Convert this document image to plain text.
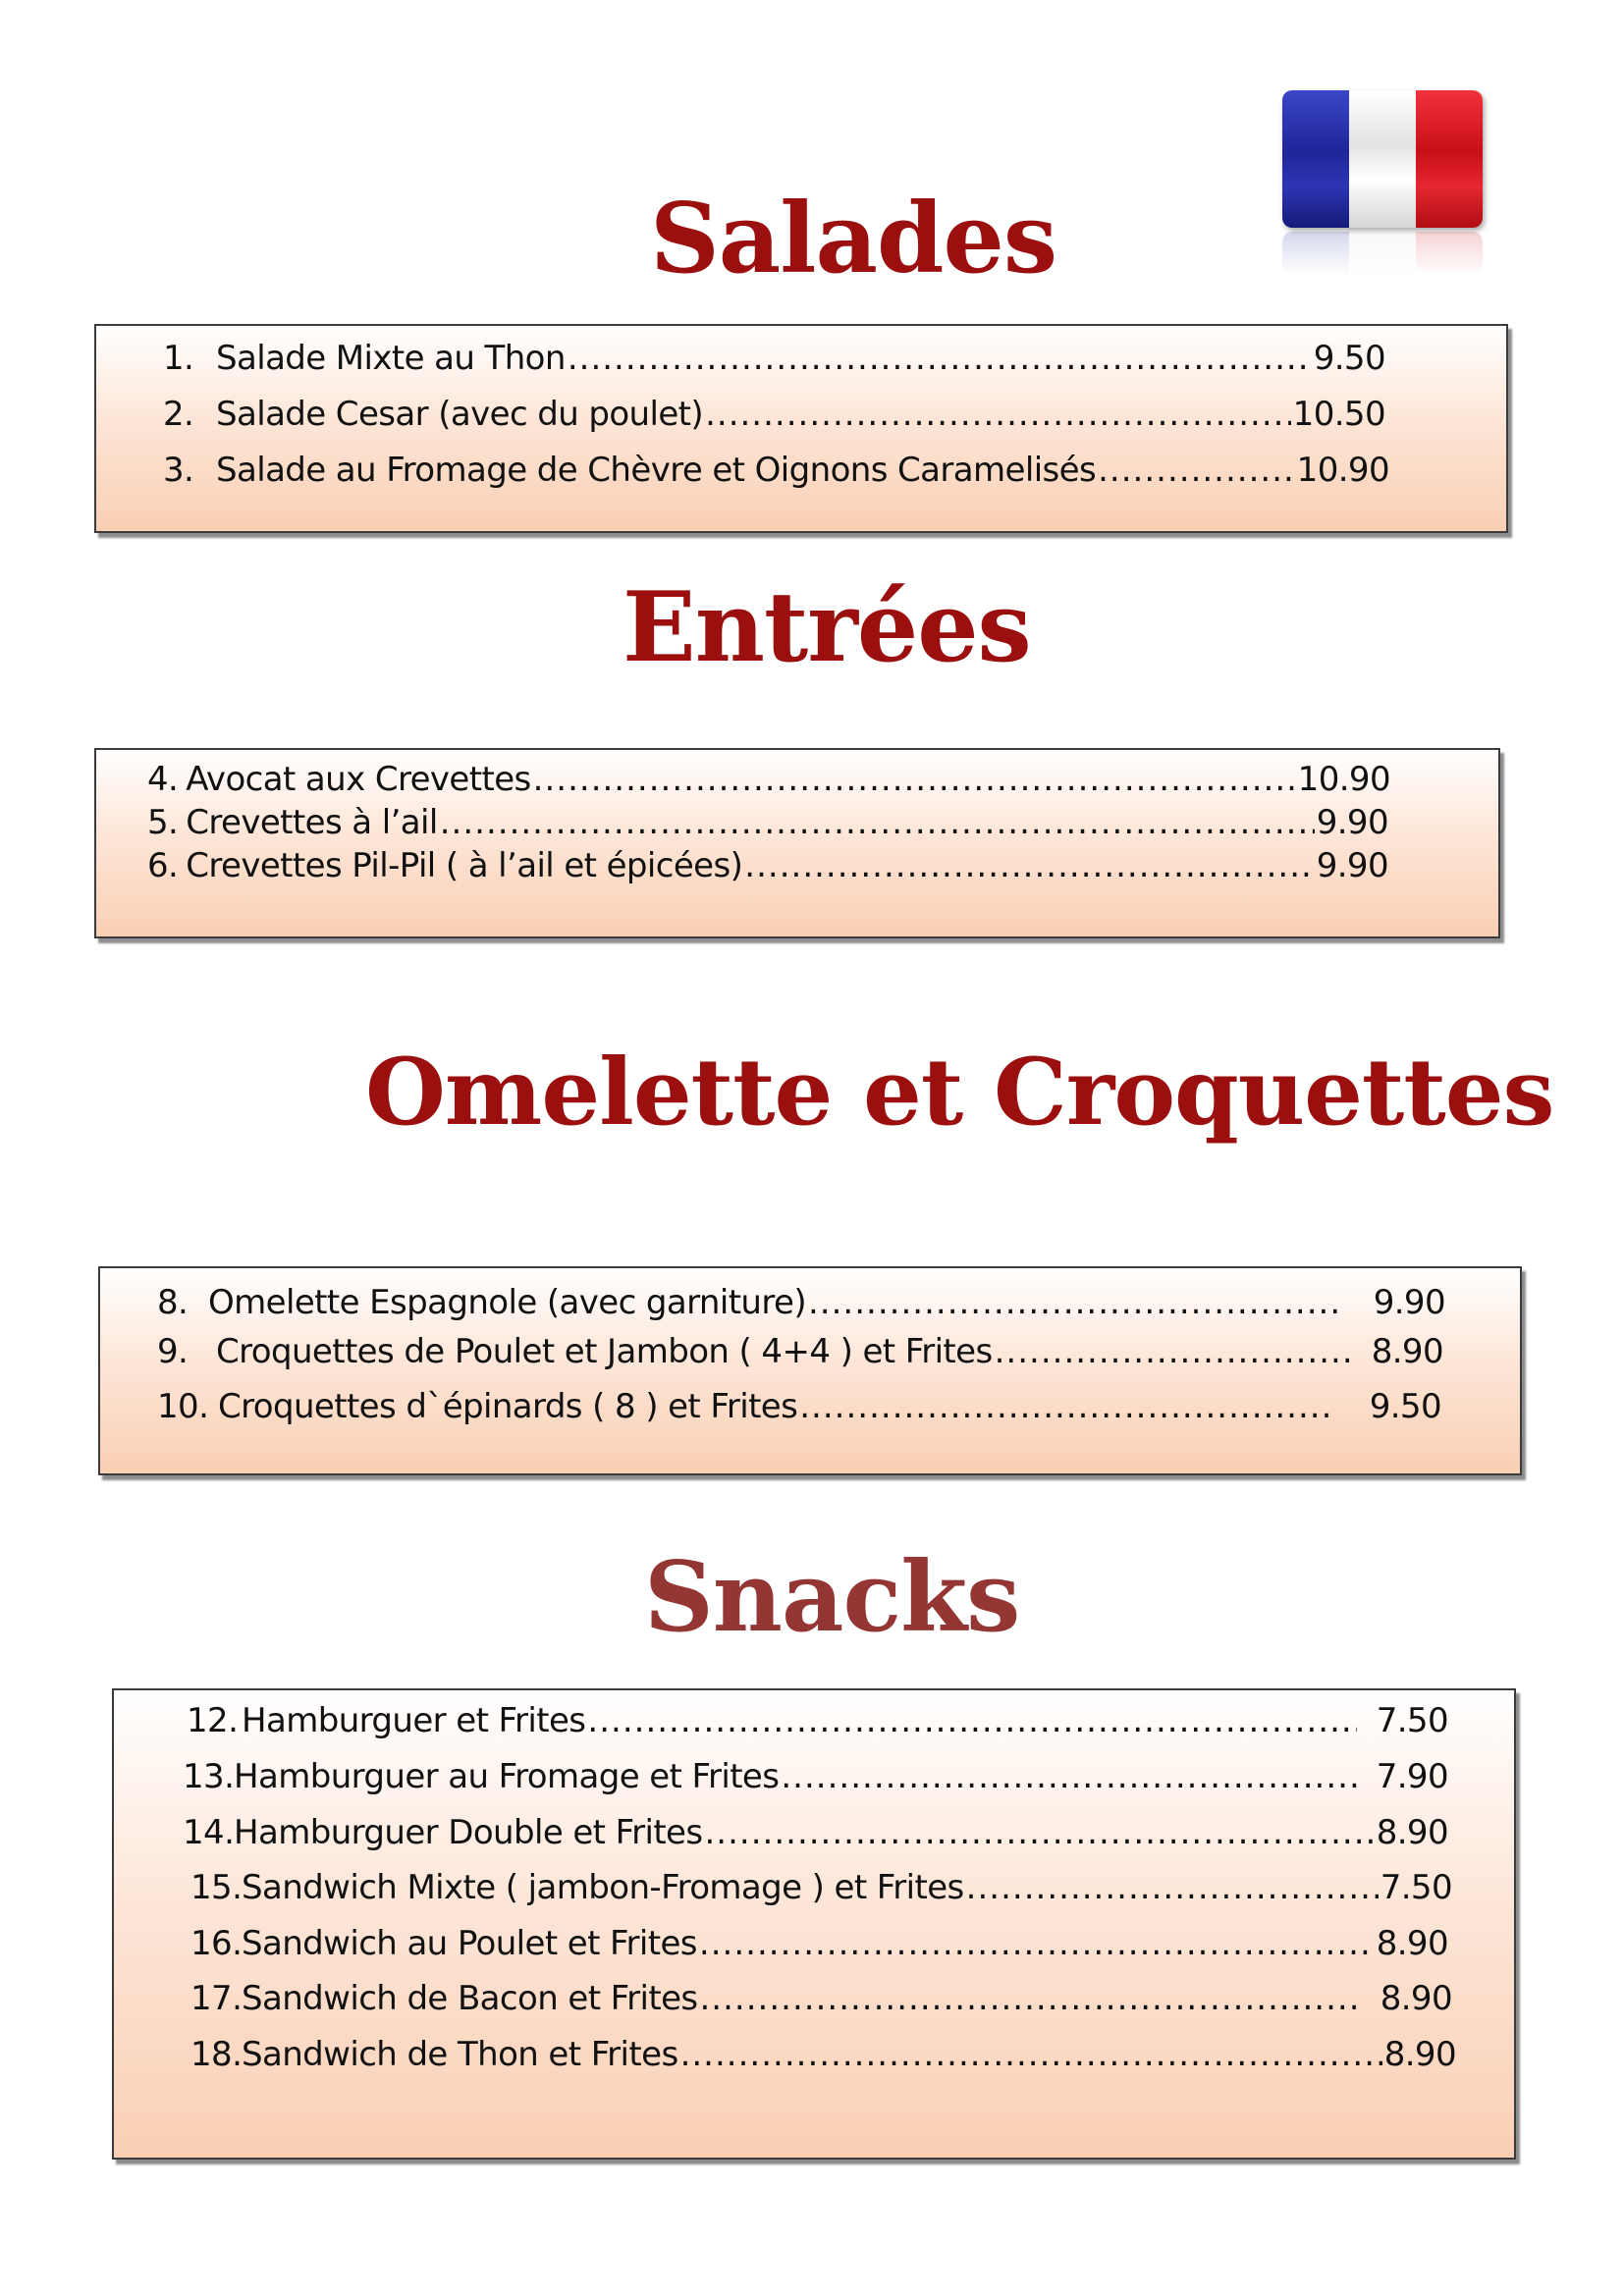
Salades
1. Salade Mixte au Thon .....	9.50
2. Salade Cesar (avec du poulet) .....	10.50
3. Salade au Fromage de Chèvre et Oignons Caramelisés .....	10.90
Entrées
4. Avocat aux Crevettes .....	10.90
5. Crevettes à l’ail .....	9.90
6. Crevettes Pil-Pil ( à l’ail et épicées) .....	9.90
Omelette et Croquettes
8. Omelette Espagnole (avec garniture) .....	9.90
9. Croquettes de Poulet et Jambon ( 4+4 ) et Frites .....	8.90
10. Croquettes d`épinards ( 8 ) et Frites .....	9.50
Snacks
12. Hamburguer et Frites .....	7.50
13. Hamburguer au Fromage et Frites .....	7.90
14. Hamburguer Double et Frites .....	8.90
15. Sandwich Mixte ( jambon-Fromage ) et Frites .....	7.50
16. Sandwich au Poulet et Frites .....	8.90
17. Sandwich de Bacon et Frites .....	8.90
18. Sandwich de Thon et Frites .....	8.90
